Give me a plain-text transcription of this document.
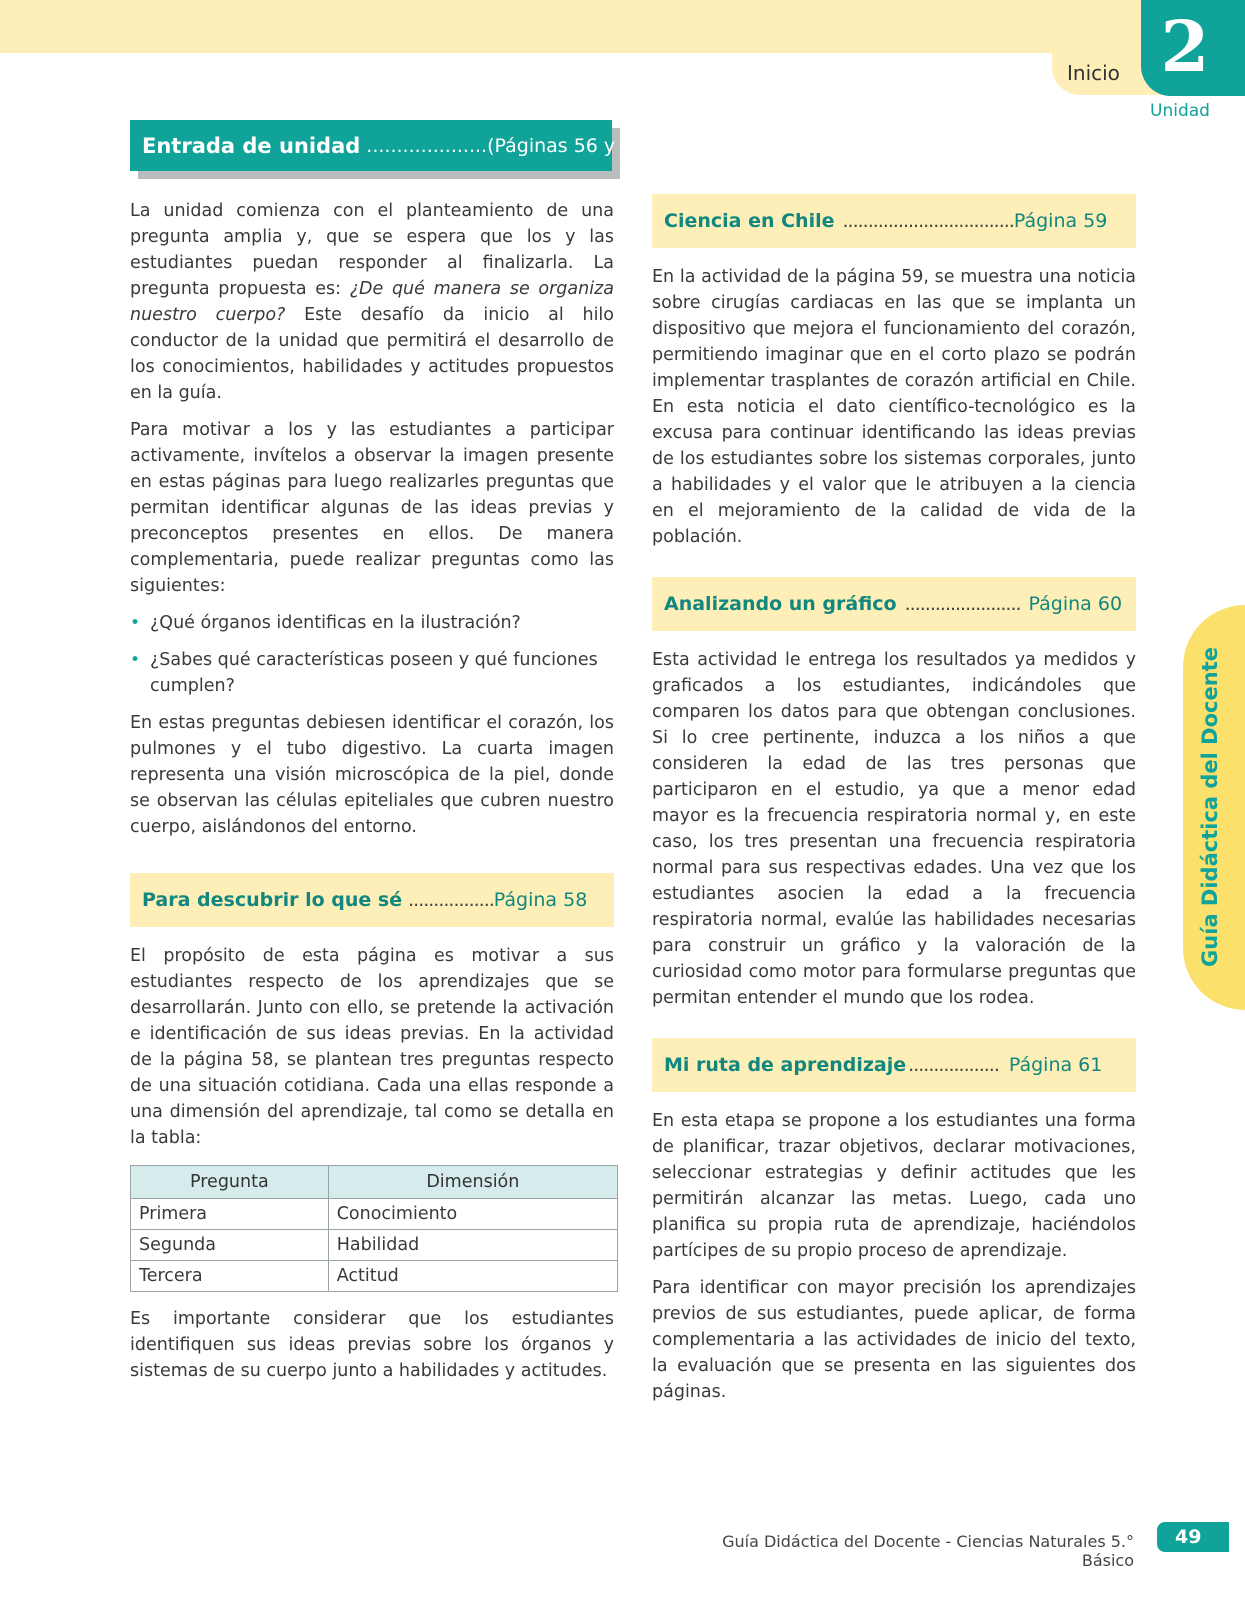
Inicio 2
Unidad
Guía Didáctica del Docente
Entrada de unidad .................... (Páginas 56 y 57)

La unidad comienza con el planteamiento de una pregunta amplia y, que se espera que los y las estudiantes puedan responder al finalizarla. La pregunta propuesta es: ¿De qué manera se organiza nuestro cuerpo? Este desafío da inicio al hilo conductor de la unidad que permitirá el desarrollo de los conocimientos, habilidades y actitudes propuestos en la guía.

Para motivar a los y las estudiantes a participar activamente, invítelos a observar la imagen presente en estas páginas para luego realizarles preguntas que permitan identificar algunas de las ideas previas y preconceptos presentes en ellos. De manera complementaria, puede realizar preguntas como las siguientes:

• ¿Qué órganos identificas en la ilustración?
• ¿Sabes qué características poseen y qué funciones cumplen?

En estas preguntas debiesen identificar el corazón, los pulmones y el tubo digestivo. La cuarta imagen representa una visión microscópica de la piel, donde se observan las células epiteliales que cubren nuestro cuerpo, aislándonos del entorno.

Para descubrir lo que sé ................. Página 58

El propósito de esta página es motivar a sus estudiantes respecto de los aprendizajes que se desarrollarán. Junto con ello, se pretende la activación e identificación de sus ideas previas. En la actividad de la página 58, se plantean tres preguntas respecto de una situación cotidiana. Cada una ellas responde a una dimensión del aprendizaje, tal como se detalla en la tabla:

Pregunta	Dimensión
Primera	Conocimiento
Segunda	Habilidad
Tercera	Actitud

Es importante considerar que los estudiantes identifiquen sus ideas previas sobre los órganos y sistemas de su cuerpo junto a habilidades y actitudes.

Ciencia en Chile .................................. Página 59

En la actividad de la página 59, se muestra una noticia sobre cirugías cardiacas en las que se implanta un dispositivo que mejora el funcionamiento del corazón, permitiendo imaginar que en el corto plazo se podrán implementar trasplantes de corazón artificial en Chile. En esta noticia el dato científico-tecnológico es la excusa para continuar identificando las ideas previas de los estudiantes sobre los sistemas corporales, junto a habilidades y el valor que le atribuyen a la ciencia en el mejoramiento de la calidad de vida de la población.

Analizando un gráfico ....................... Página 60

Esta actividad le entrega los resultados ya medidos y graficados a los estudiantes, indicándoles que comparen los datos para que obtengan conclusiones. Si lo cree pertinente, induzca a los niños a que consideren la edad de las tres personas que participaron en el estudio, ya que a menor edad mayor es la frecuencia respiratoria normal y, en este caso, los tres presentan una frecuencia respiratoria normal para sus respectivas edades. Una vez que los estudiantes asocien la edad a la frecuencia respiratoria normal, evalúe las habilidades necesarias para construir un gráfico y la valoración de la curiosidad como motor para formularse preguntas que permitan entender el mundo que los rodea.

Mi ruta de aprendizaje .................. Página 61

En esta etapa se propone a los estudiantes una forma de planificar, trazar objetivos, declarar motivaciones, seleccionar estrategias y definir actitudes que les permitirán alcanzar las metas. Luego, cada uno planifica su propia ruta de aprendizaje, haciéndolos partícipes de su propio proceso de aprendizaje.

Para identificar con mayor precisión los aprendizajes previos de sus estudiantes, puede aplicar, de forma complementaria a las actividades de inicio del texto, la evaluación que se presenta en las siguientes dos páginas.

Guía Didáctica del Docente - Ciencias Naturales 5.° Básico
49
